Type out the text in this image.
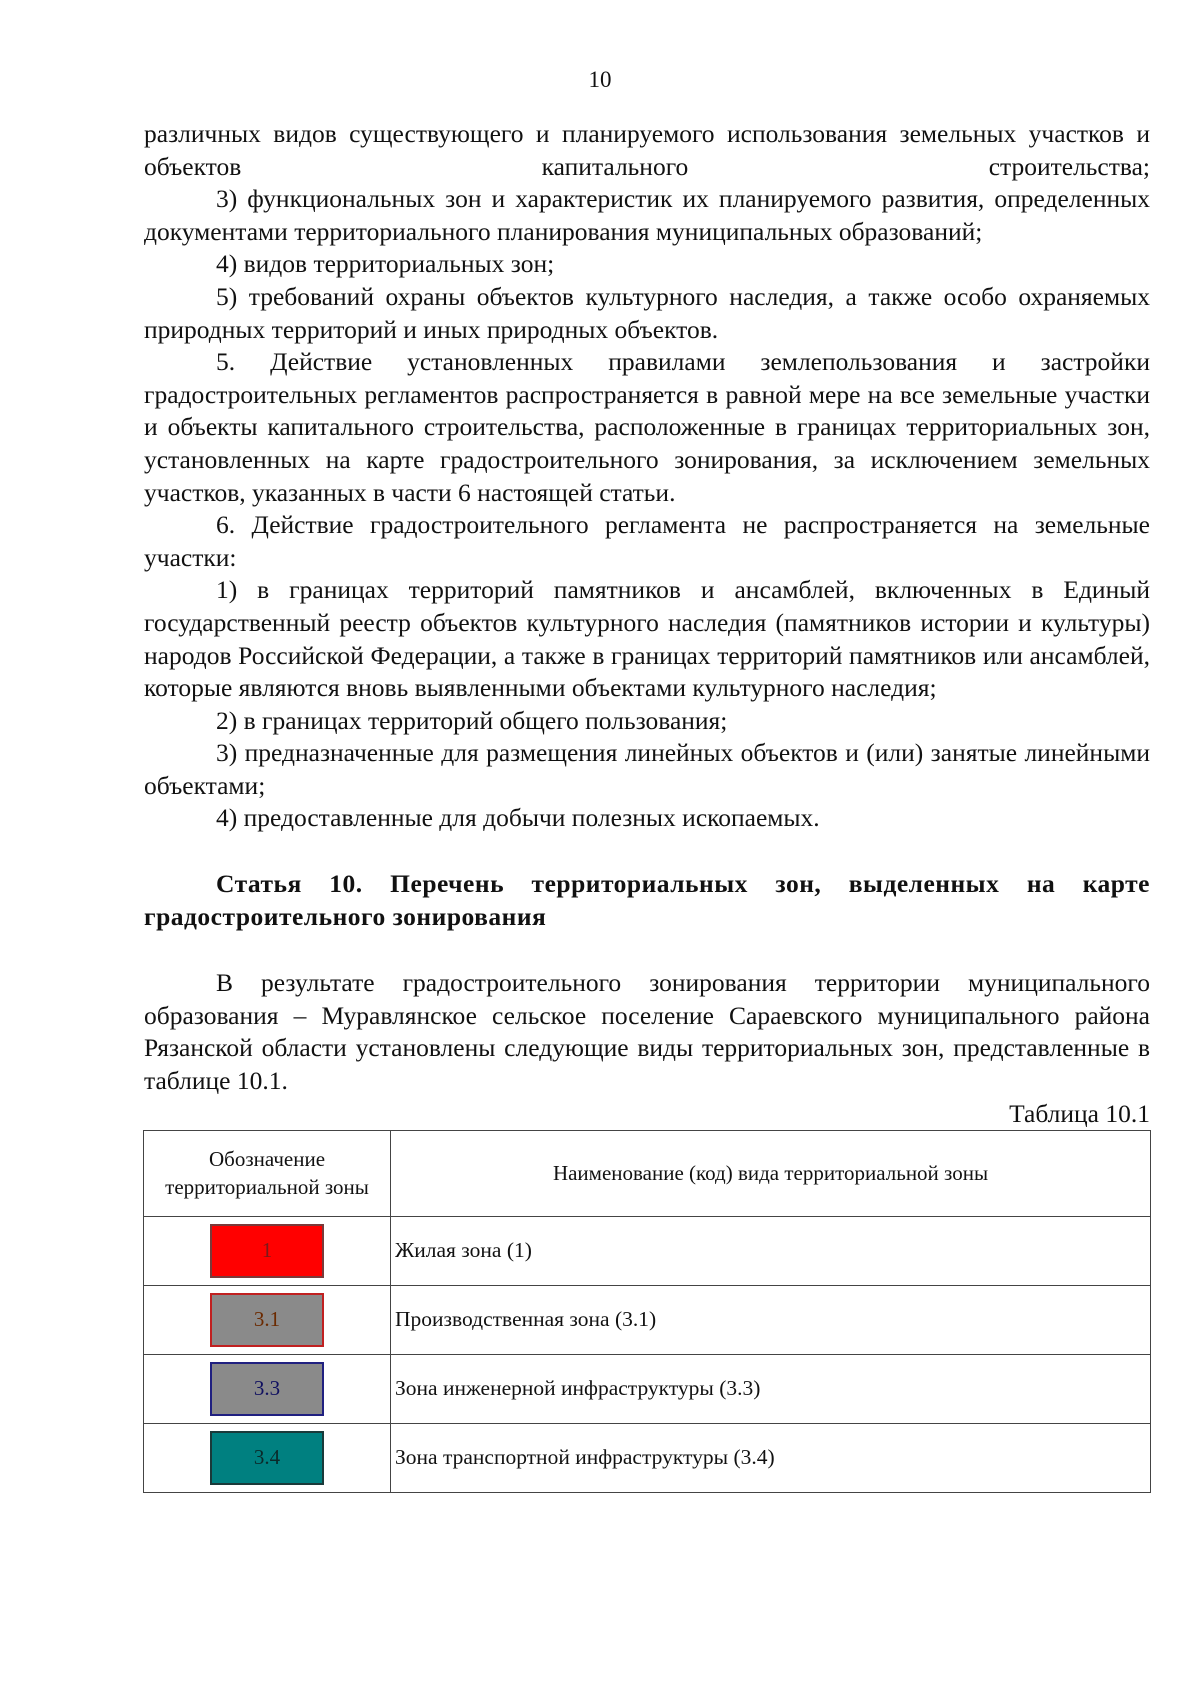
10

различных видов существующего и планируемого использования земельных участков и объектов капитального строительства;

3) функциональных зон и характеристик их планируемого развития, определенных документами территориального планирования муниципальных образований;

4) видов территориальных зон;

5) требований охраны объектов культурного наследия, а также особо охраняемых природных территорий и иных природных объектов.

5. Действие установленных правилами землепользования и застройки градостроительных регламентов распространяется в равной мере на все земельные участки и объекты капитального строительства, расположенные в границах территориальных зон, установленных на карте градостроительного зонирования, за исключением земельных участков, указанных в части 6 настоящей статьи.

6. Действие градостроительного регламента не распространяется на земельные участки:

1) в границах территорий памятников и ансамблей, включенных в Единый государственный реестр объектов культурного наследия (памятников истории и культуры) народов Российской Федерации, а также в границах территорий памятников или ансамблей, которые являются вновь выявленными объектами культурного наследия;

2) в границах территорий общего пользования;

3) предназначенные для размещения линейных объектов и (или) занятые линейными объектами;

4) предоставленные для добычи полезных ископаемых.

Статья 10. Перечень территориальных зон, выделенных на карте градостроительного зонирования

В результате градостроительного зонирования территории муниципального образования – Муравлянское сельское поселение Сараевского муниципального района Рязанской области установлены следующие виды территориальных зон, представленные в таблице 10.1.

Таблица 10.1

Обозначение территориальной зоны	Наименование (код) вида территориальной зоны
1	Жилая зона (1)
3.1	Производственная зона (3.1)
3.3	Зона инженерной инфраструктуры (3.3)
3.4	Зона транспортной инфраструктуры (3.4)
